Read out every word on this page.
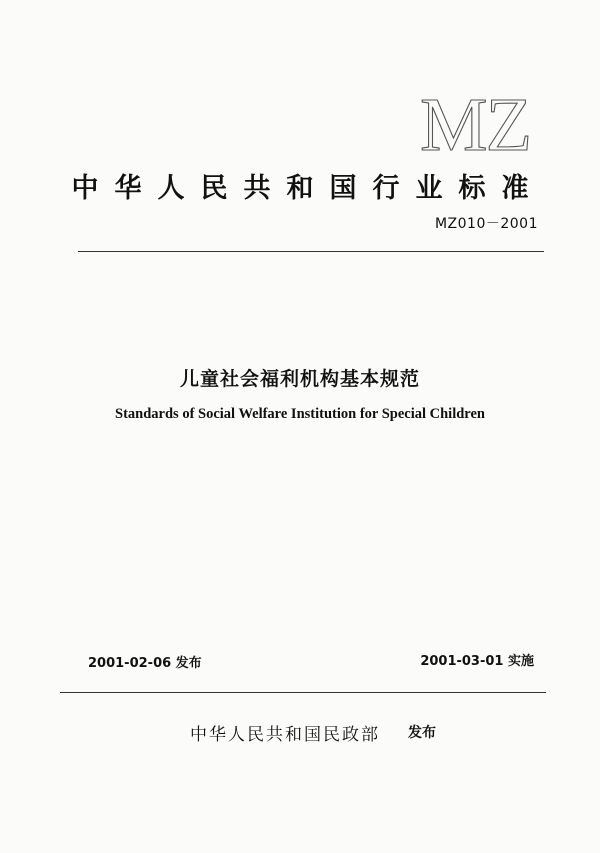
MZ
中华人民共和国行业标准
MZ010－2001
儿童社会福利机构基本规范
Standards of Social Welfare Institution for Special Children
2001-02-06 发布	2001-03-01 实施
中华人民共和国民政部 发布
